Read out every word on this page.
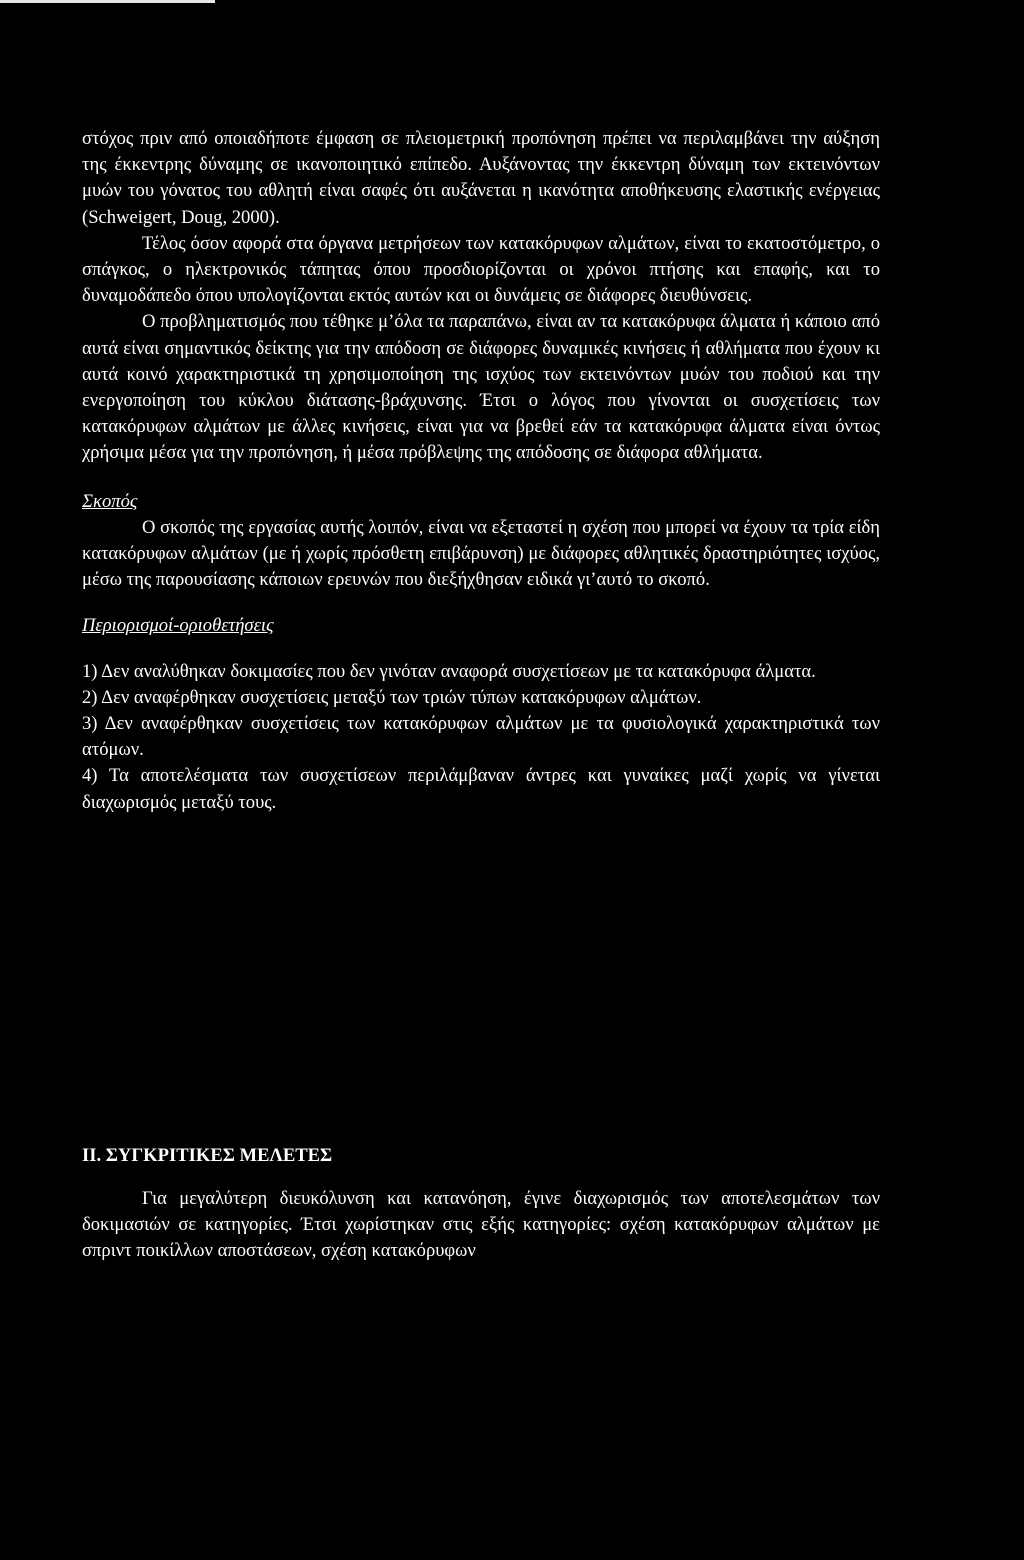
στόχος πριν από οποιαδήποτε έμφαση σε πλειομετρική προπόνηση πρέπει να περιλαμβάνει την αύξηση της έκκεντρης δύναμης σε ικανοποιητικό επίπεδο. Αυξάνοντας την έκκεντρη δύναμη των εκτεινόντων μυών του γόνατος του αθλητή είναι σαφές ότι αυξάνεται η ικανότητα αποθήκευσης ελαστικής ενέργειας (Schweigert, Doug, 2000).

Τέλος όσον αφορά στα όργανα μετρήσεων των κατακόρυφων αλμάτων, είναι το εκατοστόμετρο, ο σπάγκος, ο ηλεκτρονικός τάπητας όπου προσδιορίζονται οι χρόνοι πτήσης και επαφής, και το δυναμοδάπεδο όπου υπολογίζονται εκτός αυτών και οι δυνάμεις σε διάφορες διευθύνσεις.

Ο προβληματισμός που τέθηκε μ’όλα τα παραπάνω, είναι αν τα κατακόρυφα άλματα ή κάποιο από αυτά είναι σημαντικός δείκτης για την απόδοση σε διάφορες δυναμικές κινήσεις ή αθλήματα που έχουν κι αυτά κοινό χαρακτηριστικά τη χρησιμοποίηση της ισχύος των εκτεινόντων μυών του ποδιού και την ενεργοποίηση του κύκλου διάτασης-βράχυνσης. Έτσι ο λόγος που γίνονται οι συσχετίσεις των κατακόρυφων αλμάτων με άλλες κινήσεις, είναι για να βρεθεί εάν τα κατακόρυφα άλματα είναι όντως χρήσιμα μέσα για την προπόνηση, ή μέσα πρόβλεψης της απόδοσης σε διάφορα αθλήματα.

Σκοπός

Ο σκοπός της εργασίας αυτής λοιπόν, είναι να εξεταστεί η σχέση που μπορεί να έχουν τα τρία είδη κατακόρυφων αλμάτων (με ή χωρίς πρόσθετη επιβάρυνση) με διάφορες αθλητικές δραστηριότητες ισχύος, μέσω της παρουσίασης κάποιων ερευνών που διεξήχθησαν ειδικά γι’αυτό το σκοπό.

Περιορισμοί-οριοθετήσεις

1) Δεν αναλύθηκαν δοκιμασίες που δεν γινόταν αναφορά συσχετίσεων με τα κατακόρυφα άλματα.

2) Δεν αναφέρθηκαν συσχετίσεις μεταξύ των τριών τύπων κατακόρυφων αλμάτων.

3) Δεν αναφέρθηκαν συσχετίσεις των κατακόρυφων αλμάτων με τα φυσιολογικά χαρακτηριστικά των ατόμων.

4) Τα αποτελέσματα των συσχετίσεων περιλάμβαναν άντρες και γυναίκες μαζί χωρίς να γίνεται διαχωρισμός μεταξύ τους.

II. ΣΥΓΚΡΙΤΙΚΕΣ ΜΕΛΕΤΕΣ

Για μεγαλύτερη διευκόλυνση και κατανόηση, έγινε διαχωρισμός των αποτελεσμάτων των δοκιμασιών σε κατηγορίες. Έτσι χωρίστηκαν στις εξής κατηγορίες: σχέση κατακόρυφων αλμάτων με σπριντ ποικίλλων αποστάσεων, σχέση κατακόρυφων
